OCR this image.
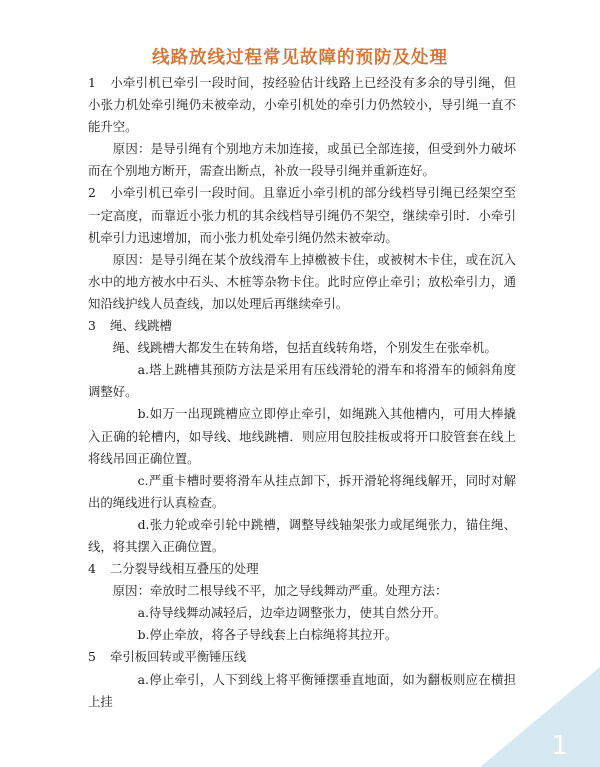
线路放线过程常见故障的预防及处理

1 小牵引机已牵引一段时间，按经验估计线路上已经没有多余的导引绳，但小张力机处牵引绳仍未被牵动，小牵引机处的牵引力仍然较小，导引绳一直不能升空。

原因：是导引绳有个别地方未加连接，或虽已全部连接，但受到外力破坏而在个别地方断开，需查出断点，补放一段导引绳并重新连好。

2 小牵引机已牵引一段时间。且靠近小牵引机的部分线档导引绳已经架空至一定高度，而靠近小张力机的其余线档导引绳仍不架空，继续牵引时．小牵引机牵引力迅速增加，而小张力机处牵引绳仍然未被牵动。

原因：是导引绳在某个放线滑车上掉檄被卡住，或被树木卡住，或在沉入水中的地方被水中石头、木桩等杂物卡住。此时应停止牵引；放松牵引力，通知沿线护线人员查线，加以处理后再继续牵引。

3 绳、线跳槽

绳、线跳槽大都发生在转角塔，包括直线转角塔，个别发生在张牵机。

a.塔上跳槽其预防方法是采用有压线滑轮的滑车和将滑车的倾斜角度调整好。

b.如万一出现跳槽应立即停止牵引，如绳跳入其他槽内，可用大棒撬入正确的轮槽内，如导线、地线跳槽．则应用包胶挂板或将开口胶管套在线上将线吊回正确位置。

c.严重卡槽时要将滑车从挂点卸下，拆开滑轮将绳线解开，同时对解出的绳线进行认真检查。

d.张力轮或牵引轮中跳槽，调整导线轴架张力或尾绳张力，锚住绳、线，将其摆入正确位置。

4 二分裂导线相互叠压的处理

原因：牵放时二根导线不平，加之导线舞动严重。处理方法：

a.待导线舞动减轻后，边牵边调整张力，使其自然分开。

b.停止牵放，将各子导线套上白棕绳将其拉开。

5 牵引板回转或平衡锤压线

a.停止牵引，人下到线上将平衡锤摆垂直地面，如为翻板则应在横担上挂

1
